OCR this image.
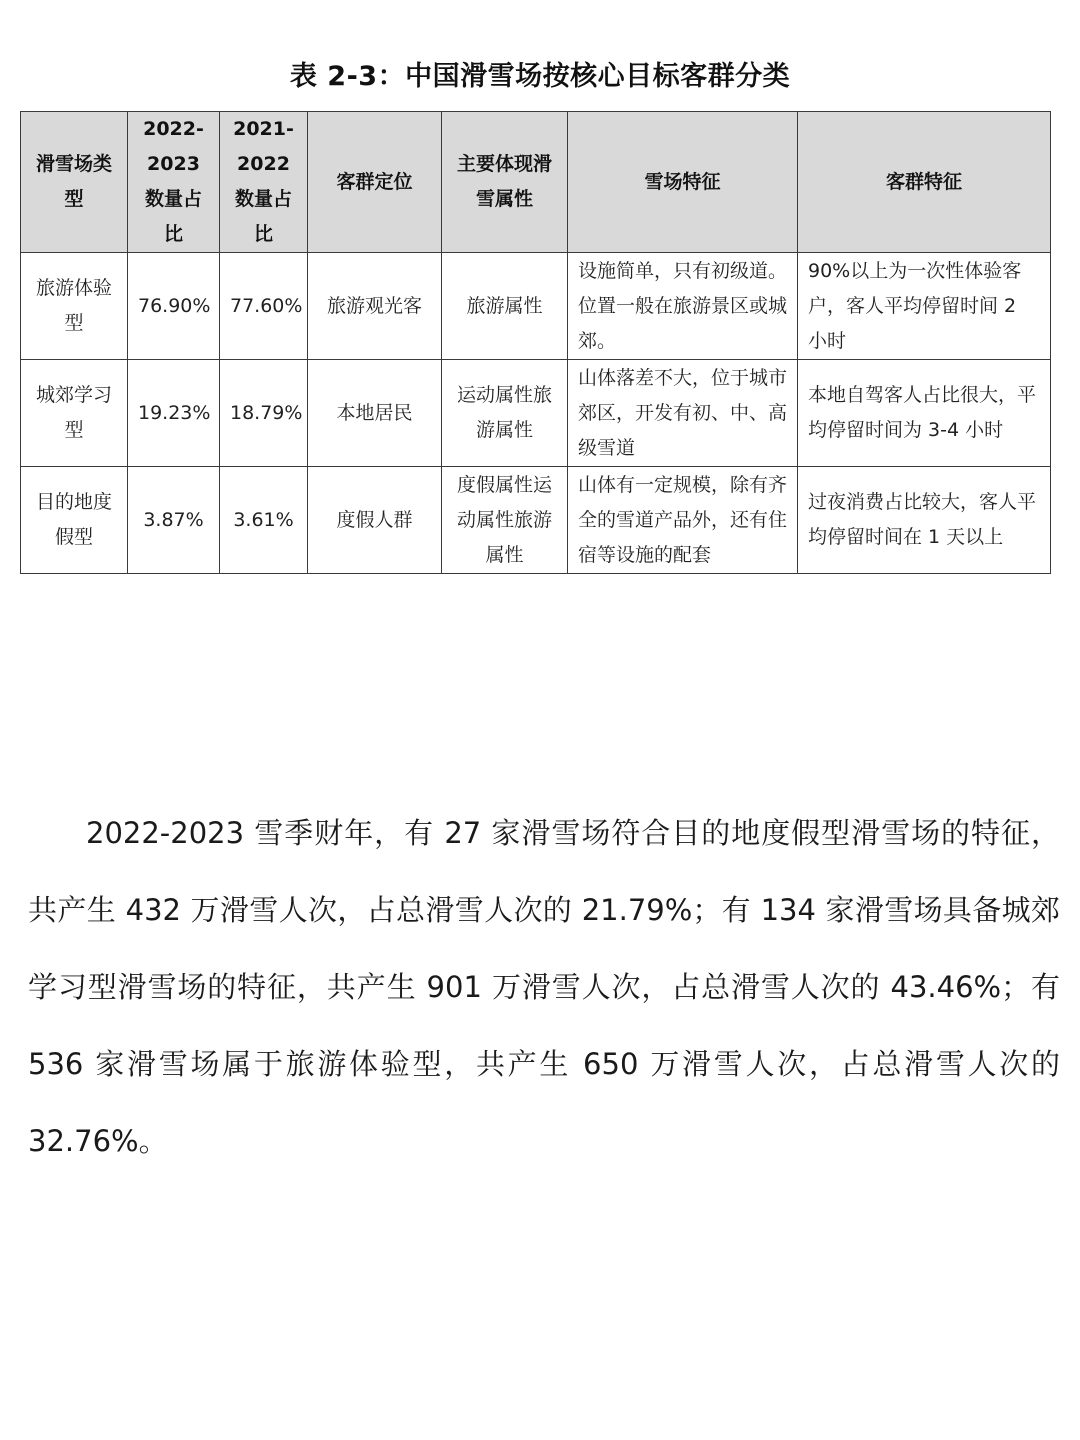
表 2-3：中国滑雪场按核心目标客群分类
滑雪场类型	2022-2023数量占比	2021-2022数量占比	客群定位	主要体现滑雪属性	雪场特征	客群特征
旅游体验型	76.90%	77.60%	旅游观光客	旅游属性	设施简单，只有初级道。位置一般在旅游景区或城郊。	90%以上为一次性体验客户，客人平均停留时间 2 小时
城郊学习型	19.23%	18.79%	本地居民	运动属性旅游属性	山体落差不大，位于城市郊区，开发有初、中、高级雪道	本地自驾客人占比很大，平均停留时间为 3-4 小时
目的地度假型	3.87%	3.61%	度假人群	度假属性运动属性旅游属性	山体有一定规模，除有齐全的雪道产品外，还有住宿等设施的配套	过夜消费占比较大，客人平均停留时间在 1 天以上

2022-2023 雪季财年，有 27 家滑雪场符合目的地度假型滑雪场的特征，共产生 432 万滑雪人次，占总滑雪人次的 21.79%；有 134 家滑雪场具备城郊学习型滑雪场的特征，共产生 901 万滑雪人次，占总滑雪人次的 43.46%；有 536 家滑雪场属于旅游体验型，共产生 650 万滑雪人次，占总滑雪人次的 32.76%。
